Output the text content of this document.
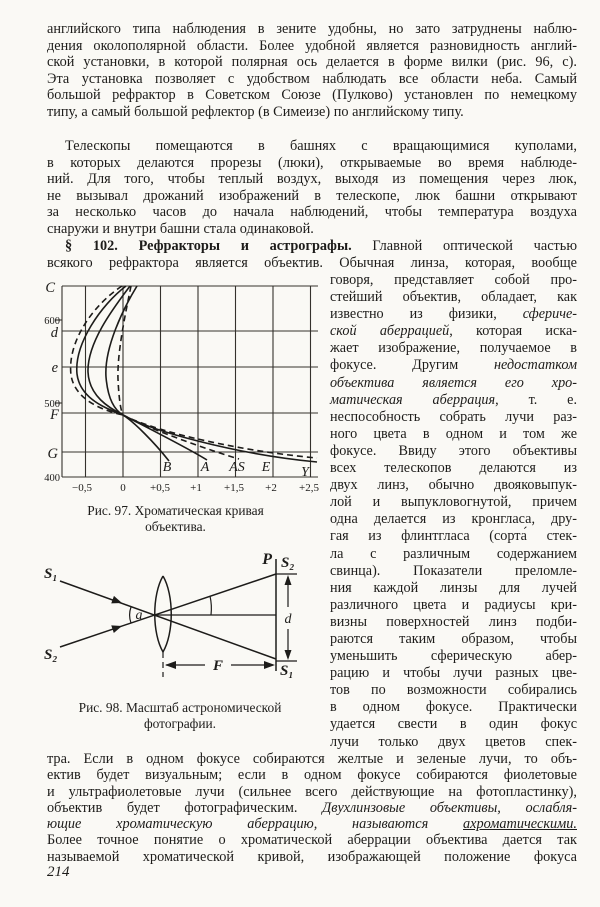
английского типа наблюдения в зените удобны, но зато затруднены наблю-
дения околополярной области. Более удобной является разновидность англий-
ской установки, в которой полярная ось делается в форме вилки (рис. 96, с).
Эта установка позволяет с удобством наблюдать все области неба. Самый
большой рефрактор в Советском Союзе (Пулково) установлен по немецкому
типу, а самый большой рефлектор (в Симеизе) по английскому типу.
Телескопы помещаются в башнях с вращающимися куполами,
в которых делаются прорезы (люки), открываемые во время наблюде-
ний. Для того, чтобы теплый воздух, выходя из помещения через люк,
не вызывал дрожаний изображений в телескопе, люк башни открывают
за несколько часов до начала наблюдений, чтобы температура воздуха
снаружи и внутри башни стала одинаковой.
§ 102. Рефракторы и астрографы. Главной оптической частью
всякого рефрактора является объектив. Обычная линза, которая, вообще
говоря, представляет собой про-
стейший объектив, обладает, как
известно из физики, сфериче-
ской аберрацией, которая иска-
жает изображение, получаемое в
фокусе. Другим недостатком
объектива является его хро-
матическая аберрация, т. е.
неспособность собрать лучи раз-
ного цвета в одном и том же
фокусе. Ввиду этого объективы
всех телескопов делаются из
двух линз, обычно двояковыпук-
лой и выпукловогнутой, причем
одна делается из кронгласа, дру-
гая из флинтгласа (сорта́ стек-
ла с различным содержанием
свинца). Показатели преломле-
ния каждой линзы для лучей
различного цвета и радиусы кри-
визны поверхностей линз подби-
раются таким образом, чтобы
уменьшить сферическую абер-
рацию и чтобы лучи разных цве-
тов по возможности собирались
в одном фокусе. Практически
удается свести в один фокус
лучи только двух цветов спек-
C
600
d
e
500
F
G
400
−0,5	0 +0,5 +1 +1,5 +2 +2,5
B A AS E Y
Рис. 97. Хроматическая кривая
объектива.
S₁
S₂
P S₂
S₁
d
F
a
Рис. 98. Масштаб астрономической
фотографии.
тра. Если в одном фокусе собираются желтые и зеленые лучи, то объ-
ектив будет визуальным; если в одном фокусе собираются фиолетовые
и ультрафиолетовые лучи (сильнее всего действующие на фотопластинку),
объектив будет фотографическим. Двухлинзовые объективы, ослабля-
ющие хроматическую аберрацию, называются ахроматическими.
Более точное понятие о хроматической аберрации объектива дается так
называемой хроматической кривой, изображающей положение фокуса
214
